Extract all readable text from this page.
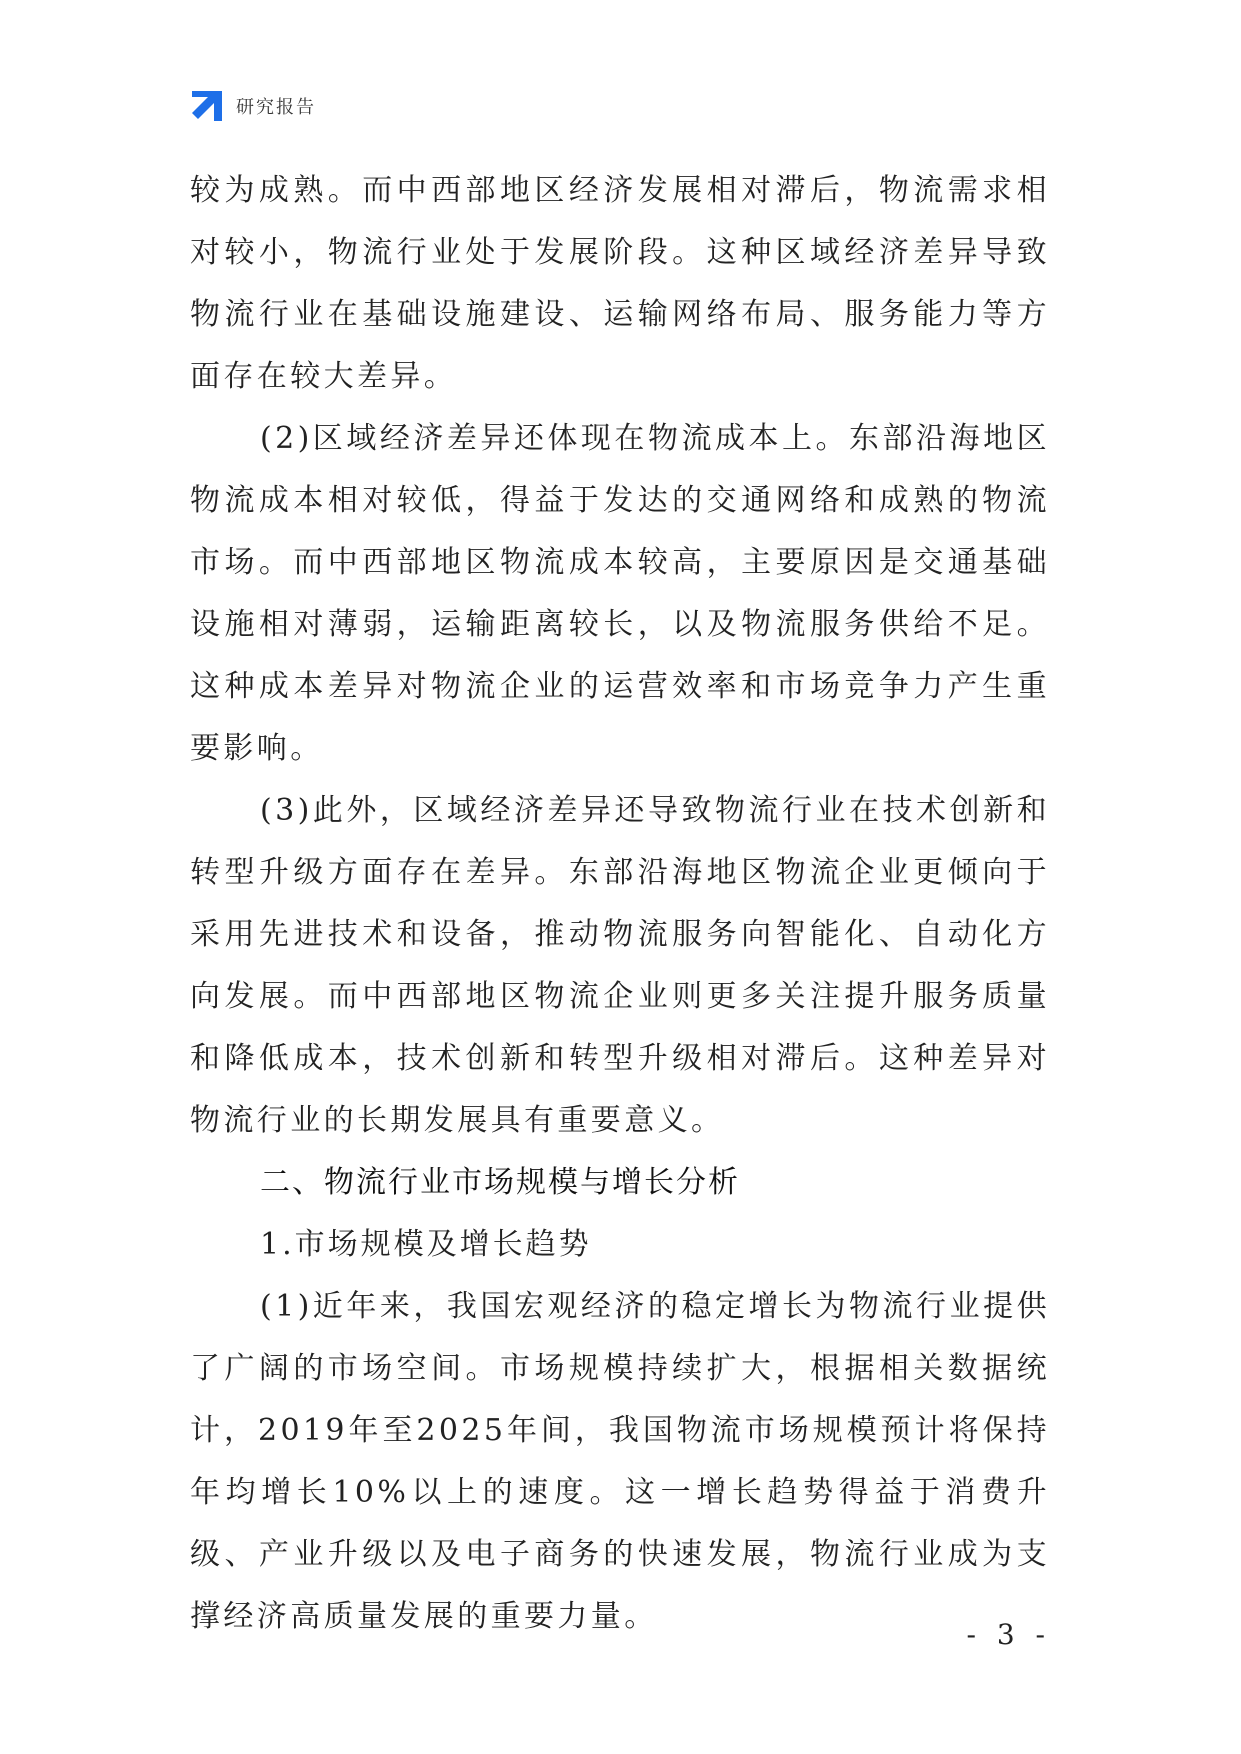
研究报告

较为成熟。而中西部地区经济发展相对滞后，物流需求相对较小，物流行业处于发展阶段。这种区域经济差异导致物流行业在基础设施建设、运输网络布局、服务能力等方面存在较大差异。

(2)区域经济差异还体现在物流成本上。东部沿海地区物流成本相对较低，得益于发达的交通网络和成熟的物流市场。而中西部地区物流成本较高，主要原因是交通基础设施相对薄弱，运输距离较长，以及物流服务供给不足。这种成本差异对物流企业的运营效率和市场竞争力产生重要影响。

(3)此外，区域经济差异还导致物流行业在技术创新和转型升级方面存在差异。东部沿海地区物流企业更倾向于采用先进技术和设备，推动物流服务向智能化、自动化方向发展。而中西部地区物流企业则更多关注提升服务质量和降低成本，技术创新和转型升级相对滞后。这种差异对物流行业的长期发展具有重要意义。

二、物流行业市场规模与增长分析

1.市场规模及增长趋势

(1)近年来，我国宏观经济的稳定增长为物流行业提供了广阔的市场空间。市场规模持续扩大，根据相关数据统计，2019年至2025年间，我国物流市场规模预计将保持年均增长10%以上的速度。这一增长趋势得益于消费升级、产业升级以及电子商务的快速发展，物流行业成为支撑经济高质量发展的重要力量。

- 3 -
